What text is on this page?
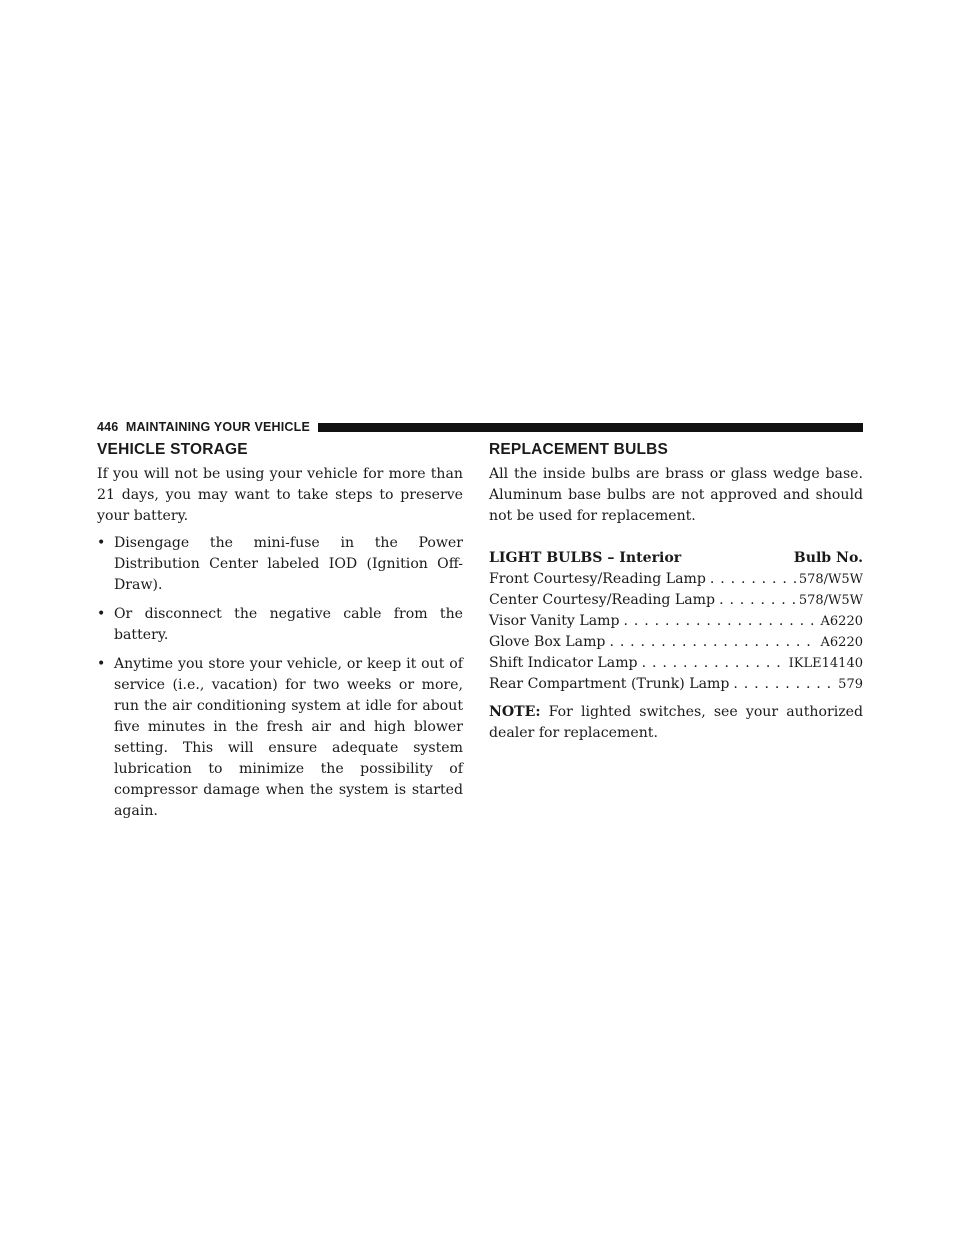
446 MAINTAINING YOUR VEHICLE
VEHICLE STORAGE

If you will not be using your vehicle for more than 21 days, you may want to take steps to preserve your battery.

• Disengage the mini-fuse in the Power Distribution Center labeled IOD (Ignition Off-Draw).
• Or disconnect the negative cable from the battery.
• Anytime you store your vehicle, or keep it out of service (i.e., vacation) for two weeks or more, run the air conditioning system at idle for about five minutes in the fresh air and high blower setting. This will ensure adequate system lubrication to minimize the possibility of compressor damage when the system is started again.
REPLACEMENT BULBS

All the inside bulbs are brass or glass wedge base. Aluminum base bulbs are not approved and should not be used for replacement.

LIGHT BULBS – Interior	Bulb No.
Front Courtesy/Reading Lamp . . .	578/W5W
Center Courtesy/Reading Lamp . . .	578/W5W
Visor Vanity Lamp . . .	A6220
Glove Box Lamp . . .	A6220
Shift Indicator Lamp . . .	IKLE14140
Rear Compartment (Trunk) Lamp . . .	579

NOTE: For lighted switches, see your authorized dealer for replacement.
